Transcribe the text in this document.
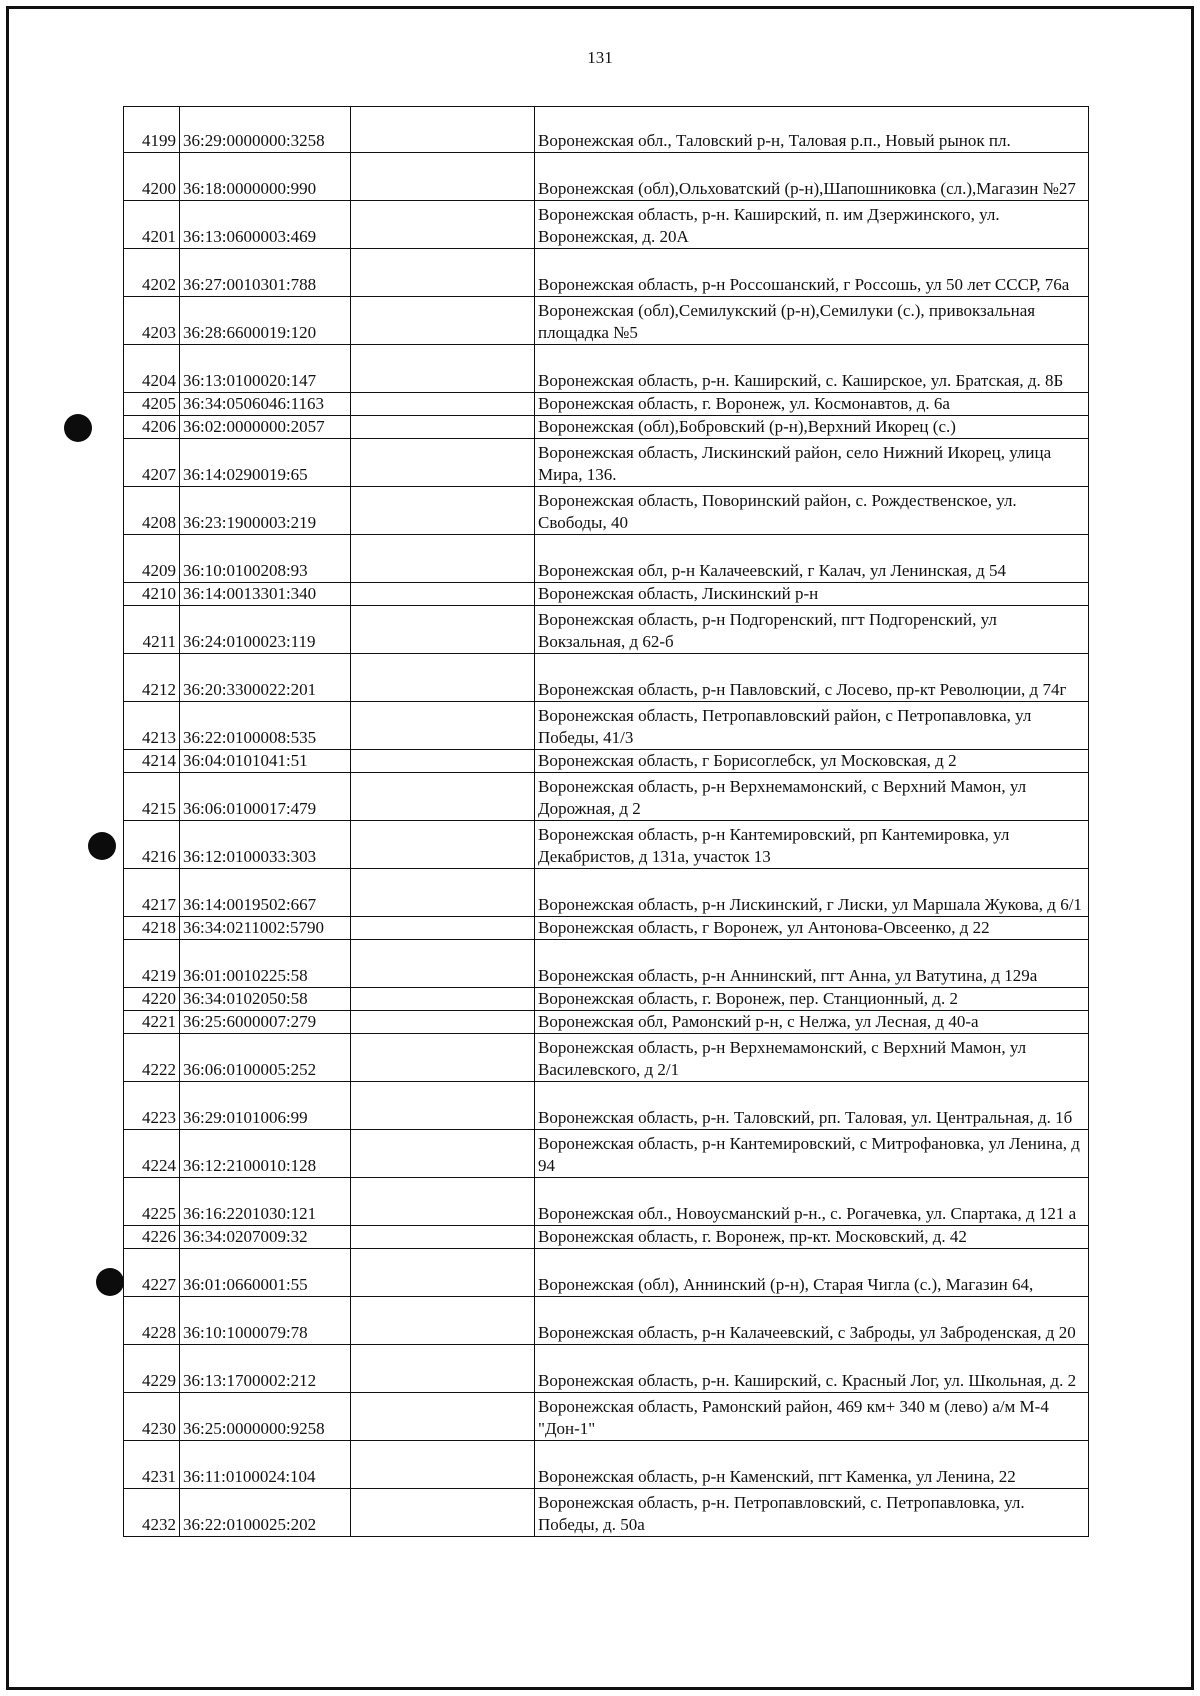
131
4199	36:29:0000000:3258		Воронежская обл., Таловский р-н, Таловая р.п., Новый рынок пл.
4200	36:18:0000000:990		Воронежская (обл),Ольховатский (р-н),Шапошниковка (сл.),Магазин №27
4201	36:13:0600003:469		Воронежская область, р-н. Каширский, п. им Дзержинского, ул. Воронежская, д. 20А
4202	36:27:0010301:788		Воронежская область, р-н Россошанский, г Россошь, ул 50 лет СССР, 76а
4203	36:28:6600019:120		Воронежская (обл),Семилукский (р-н),Семилуки (с.), привокзальная площадка №5
4204	36:13:0100020:147		Воронежская область, р-н. Каширский, с. Каширское, ул. Братская, д. 8Б
4205	36:34:0506046:1163		Воронежская область, г. Воронеж, ул. Космонавтов, д. 6а
4206	36:02:0000000:2057		Воронежская (обл),Бобровский (р-н),Верхний Икорец (с.)
4207	36:14:0290019:65		Воронежская область, Лискинский район, село Нижний Икорец, улица Мира, 136.
4208	36:23:1900003:219		Воронежская область, Поворинский район, с. Рождественское, ул. Свободы, 40
4209	36:10:0100208:93		Воронежская обл, р-н Калачеевский, г Калач, ул Ленинская, д 54
4210	36:14:0013301:340		Воронежская область, Лискинский р-н
4211	36:24:0100023:119		Воронежская область, р-н Подгоренский, пгт Подгоренский, ул Вокзальная, д 62-б
4212	36:20:3300022:201		Воронежская область, р-н Павловский, с Лосево, пр-кт Революции, д 74г
4213	36:22:0100008:535		Воронежская область, Петропавловский район, с Петропавловка, ул Победы, 41/3
4214	36:04:0101041:51		Воронежская область, г Борисоглебск, ул Московская, д 2
4215	36:06:0100017:479		Воронежская область, р-н Верхнемамонский, с Верхний Мамон, ул Дорожная, д 2
4216	36:12:0100033:303		Воронежская область, р-н Кантемировский, рп Кантемировка, ул Декабристов, д 131а, участок 13
4217	36:14:0019502:667		Воронежская область, р-н Лискинский, г Лиски, ул Маршала Жукова, д 6/1
4218	36:34:0211002:5790		Воронежская область, г Воронеж, ул Антонова-Овсеенко, д 22
4219	36:01:0010225:58		Воронежская область, р-н Аннинский, пгт Анна, ул Ватутина, д 129а
4220	36:34:0102050:58		Воронежская область, г. Воронеж, пер. Станционный, д. 2
4221	36:25:6000007:279		Воронежская обл, Рамонский р-н, с Нелжа, ул Лесная, д 40-а
4222	36:06:0100005:252		Воронежская область, р-н Верхнемамонский, с Верхний Мамон, ул Василевского, д 2/1
4223	36:29:0101006:99		Воронежская область, р-н. Таловский, рп. Таловая, ул. Центральная, д. 1б
4224	36:12:2100010:128		Воронежская область, р-н Кантемировский, с Митрофановка, ул Ленина, д 94
4225	36:16:2201030:121		Воронежская обл., Новоусманский р-н., с. Рогачевка, ул. Спартака, д 121 а
4226	36:34:0207009:32		Воронежская область, г. Воронеж, пр-кт. Московский, д. 42
4227	36:01:0660001:55		Воронежская (обл), Аннинский (р-н), Старая Чигла (с.), Магазин 64,
4228	36:10:1000079:78		Воронежская область, р-н Калачеевский, с Заброды, ул Заброденская, д 20
4229	36:13:1700002:212		Воронежская область, р-н. Каширский, с. Красный Лог, ул. Школьная, д. 2
4230	36:25:0000000:9258		Воронежская область, Рамонский район, 469 км+ 340 м (лево) а/м М-4 "Дон-1"
4231	36:11:0100024:104		Воронежская область, р-н Каменский, пгт Каменка, ул Ленина, 22
4232	36:22:0100025:202		Воронежская область, р-н. Петропавловский, с. Петропавловка, ул. Победы, д. 50а
